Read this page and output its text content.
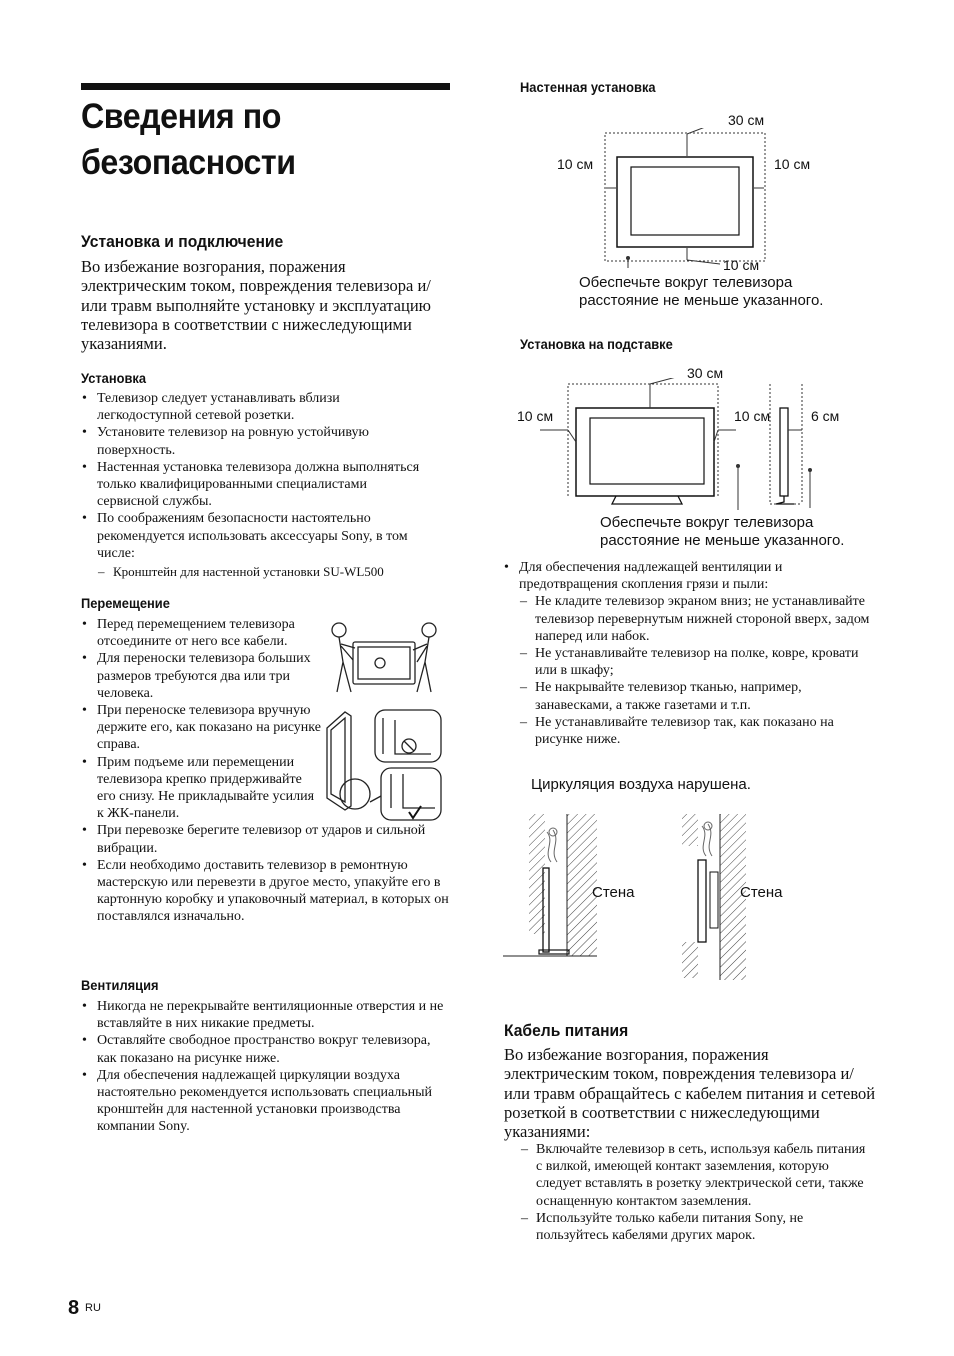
Сведения по безопасности
Установка и подключение
Во избежание возгорания, поражения электрическим током, повреждения телевизора и/или травм выполняйте установку и эксплуатацию телевизора в соответствии с нижеследующими указаниями.
Установка
• Телевизор следует устанавливать вблизи легкодоступной сетевой розетки.
• Установите телевизор на ровную устойчивую поверхность.
• Настенная установка телевизора должна выполняться только квалифицированными специалистами сервисной службы.
• По соображениям безопасности настоятельно рекомендуется использовать аксессуары Sony, в том числе:
– Кронштейн для настенной установки SU-WL500
Перемещение
• Перед перемещением телевизора отсоедините от него все кабели.
• Для переноски телевизора больших размеров требуются два или три человека.
• При переноске телевизора вручную держите его, как показано на рисунке справа.
• Прим подъеме или перемещении телевизора крепко придерживайте его снизу. Не прикладывайте усилия к ЖК-панели.
• При перевозке берегите телевизор от ударов и сильной вибрации.
• Если необходимо доставить телевизор в ремонтную мастерскую или перевезти в другое место, упакуйте его в картонную коробку и упаковочный материал, в которых он поставлялся изначально.
Вентиляция
• Никогда не перекрывайте вентиляционные отверстия и не вставляйте в них никакие предметы.
• Оставляйте свободное пространство вокруг телевизора, как показано на рисунке ниже.
• Для обеспечения надлежащей циркуляции воздуха настоятельно рекомендуется использовать специальный кронштейн для настенной установки производства компании Sony.
Настенная установка
30 см
10 см	10 см
10 см
Обеспечьте вокруг телевизора расстояние не меньше указанного.
Установка на подставке
30 см
10 см	10 см	6 см
Обеспечьте вокруг телевизора расстояние не меньше указанного.
• Для обеспечения надлежащей вентиляции и предотвращения скопления грязи и пыли:
– Не кладите телевизор экраном вниз; не устанавливайте телевизор перевернутым нижней стороной вверх, задом наперед или набок.
– Не устанавливайте телевизор на полке, ковре, кровати или в шкафу;
– Не накрывайте телевизор тканью, например, занавесками, а также газетами и т.п.
– Не устанавливайте телевизор так, как показано на рисунке ниже.
Циркуляция воздуха нарушена.
Стена	Стена
Кабель питания
Во избежание возгорания, поражения электрическим током, повреждения телевизора и/или травм обращайтесь с кабелем питания и сетевой розеткой в соответствии с нижеследующими указаниями:
– Включайте телевизор в сеть, используя кабель питания с вилкой, имеющей контакт заземления, которую следует вставлять в розетку электрической сети, также оснащенную контактом заземления.
– Используйте только кабели питания Sony, не пользуйтесь кабелями других марок.
8 RU
